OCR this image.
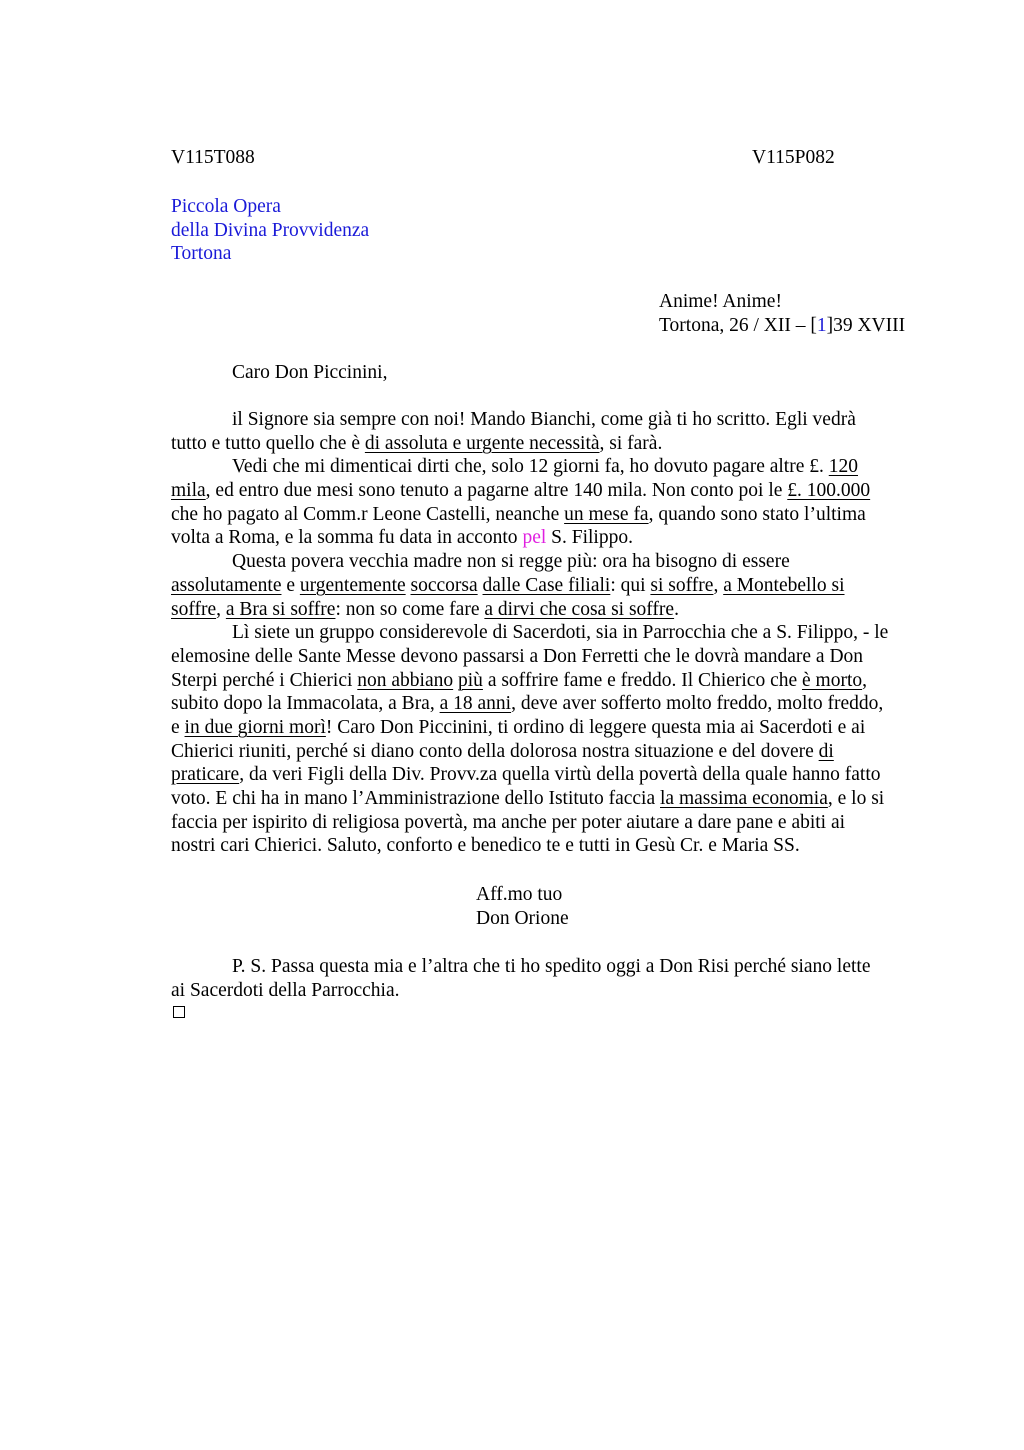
V115T088	V115P082
Piccola Opera
della Divina Provvidenza
Tortona
Anime! Anime!
Tortona, 26 / XII – [1]39 XVIII
Caro Don Piccinini,
il Signore sia sempre con noi! Mando Bianchi, come già ti ho scritto. Egli vedrà
tutto e tutto quello che è di assoluta e urgente necessità, si farà.
Vedi che mi dimenticai dirti che, solo 12 giorni fa, ho dovuto pagare altre £. 120
mila, ed entro due mesi sono tenuto a pagarne altre 140 mila. Non conto poi le £. 100.000
che ho pagato al Comm.r Leone Castelli, neanche un mese fa, quando sono stato l’ultima
volta a Roma, e la somma fu data in acconto pel S. Filippo.
Questa povera vecchia madre non si regge più: ora ha bisogno di essere
assolutamente e urgentemente soccorsa dalle Case filiali: qui si soffre, a Montebello si
soffre, a Bra si soffre: non so come fare a dirvi che cosa si soffre.
Lì siete un gruppo considerevole di Sacerdoti, sia in Parrocchia che a S. Filippo, - le
elemosine delle Sante Messe devono passarsi a Don Ferretti che le dovrà mandare a Don
Sterpi perché i Chierici non abbiano più a soffrire fame e freddo. Il Chierico che è morto,
subito dopo la Immacolata, a Bra, a 18 anni, deve aver sofferto molto freddo, molto freddo,
e in due giorni morì! Caro Don Piccinini, ti ordino di leggere questa mia ai Sacerdoti e ai
Chierici riuniti, perché si diano conto della dolorosa nostra situazione e del dovere di
praticare, da veri Figli della Div. Provv.za quella virtù della povertà della quale hanno fatto
voto. E chi ha in mano l’Amministrazione dello Istituto faccia la massima economia, e lo si
faccia per ispirito di religiosa povertà, ma anche per poter aiutare a dare pane e abiti ai
nostri cari Chierici. Saluto, conforto e benedico te e tutti in Gesù Cr. e Maria SS.
Aff.mo tuo
Don Orione
P. S. Passa questa mia e l’altra che ti ho spedito oggi a Don Risi perché siano lette
ai Sacerdoti della Parrocchia.
